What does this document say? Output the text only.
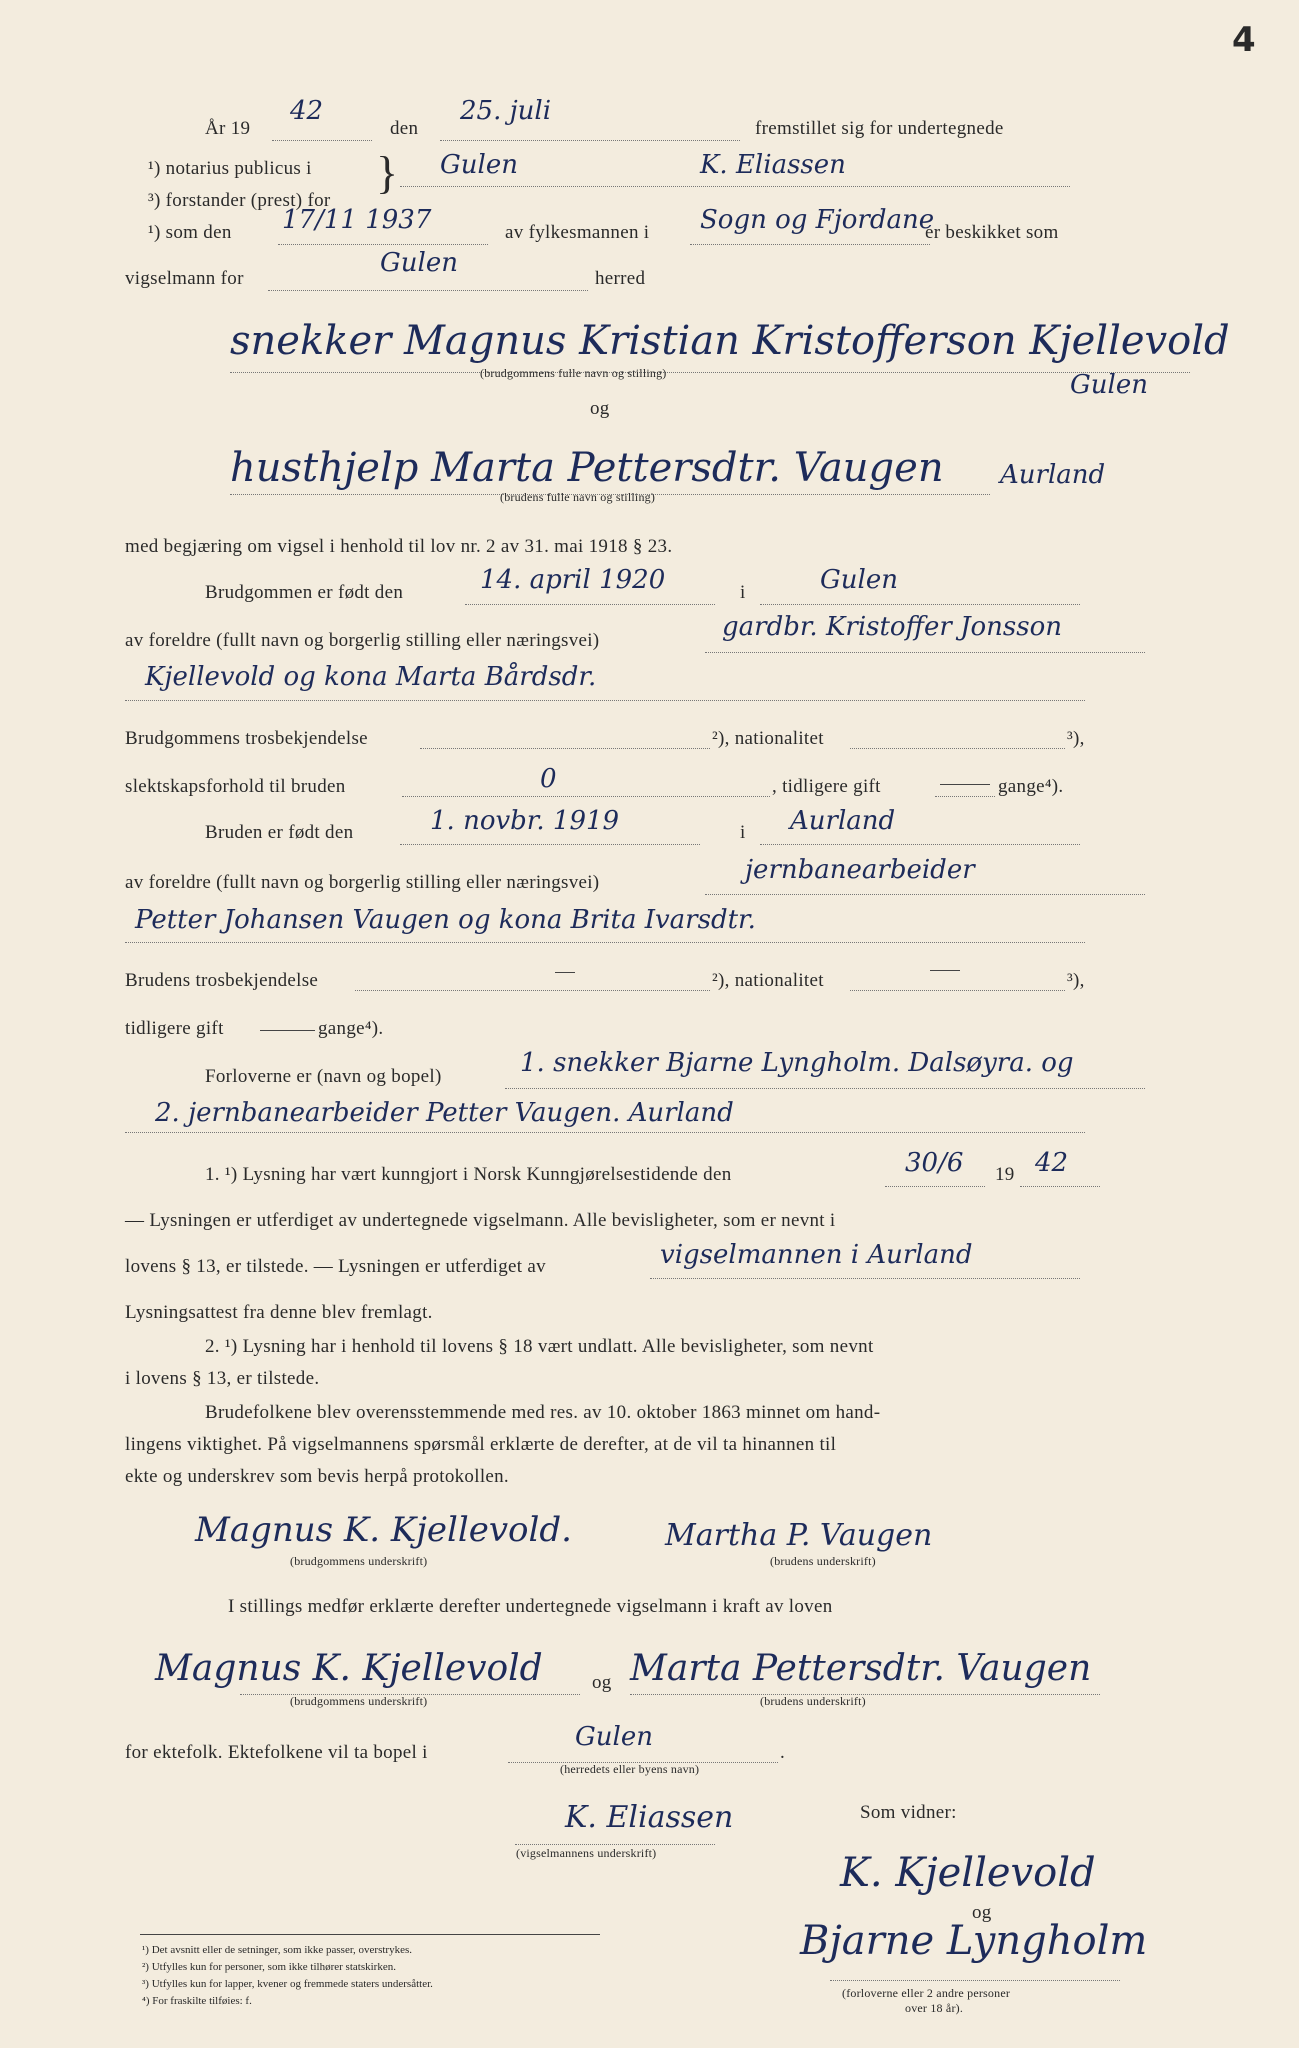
4
År 19
42
den
25. juli
fremstillet sig for undertegnede
¹) notarius publicus i
³) forstander (prest) for
} Gulen	K. Eliassen
¹) som den 17/11 1937	av fylkesmannen i Sogn og Fjordane
er beskikket som
vigselmann for
Gulen
herred
snekker Magnus Kristian Kristofferson Kjellevold
(brudgommens fulle navn og stilling)	Gulen
og
husthjelp Marta Pettersdtr. Vaugen Aurland
(brudens fulle navn og stilling)
med begjæring om vigsel i henhold til lov nr. 2 av 31. mai 1918 § 23.
Brudgommen er født den	14. april 1920	i	Gulen
av foreldre (fullt navn og borgerlig stilling eller næringsvei)	gardbr. Kristoffer Jonsson
Kjellevold og kona Marta Bårdsdr.
Brudgommens trosbekjendelse	²), nationalitet	³),
slektskapsforhold til bruden	0	, tidligere gift	gange⁴).
Bruden er født den	1. novbr. 1919	i Aurland
av foreldre (fullt navn og borgerlig stilling eller næringsvei)	jernbanearbeider
Petter Johansen Vaugen og kona Brita Ivarsdtr.
Brudens trosbekjendelse	²), nationalitet	³),
tidligere gift	gange⁴).
Forloverne er (navn og bopel)	1. snekker Bjarne Lyngholm. Dalsøyra. og
2. jernbanearbeider Petter Vaugen. Aurland
1. ¹) Lysning har vært kunngjort i Norsk Kunngjørelsestidende den	30/6 19 42
— Lysningen er utferdiget av undertegnede vigselmann. Alle bevisligheter, som er nevnt i
lovens § 13, er tilstede. — Lysningen er utferdiget av	vigselmannen i Aurland
Lysningsattest fra denne blev fremlagt.
2. ¹) Lysning har i henhold til lovens § 18 vært undlatt. Alle bevisligheter, som nevnt
i lovens § 13, er tilstede.
Brudefolkene blev overensstemmende med res. av 10. oktober 1863 minnet om hand-
lingens viktighet. På vigselmannens spørsmål erklærte de derefter, at de vil ta hinannen til
ekte og underskrev som bevis herpå protokollen.
Magnus K. Kjellevold.
(brudgommens underskrift)
Martha P. Vaugen
(brudens underskrift)
I stillings medfør erklærte derefter undertegnede vigselmann i kraft av loven
Magnus K. Kjellevold
(brudgommens underskrift)
og Marta Pettersdtr. Vaugen
(brudens underskrift)
for ektefolk. Ektefolkene vil ta bopel i
Gulen
.
(herredets eller byens navn)
K. Eliassen
(vigselmannens underskrift)
Som vidner:
K. Kjellevold
og
Bjarne Lyngholm
(forloverne eller 2 andre personer
over 18 år).
¹) Det avsnitt eller de setninger, som ikke passer, overstrykes.
²) Utfylles kun for personer, som ikke tilhører statskirken.
³) Utfylles kun for lapper, kvener og fremmede staters undersåtter.
⁴) For fraskilte tilføies: f.
